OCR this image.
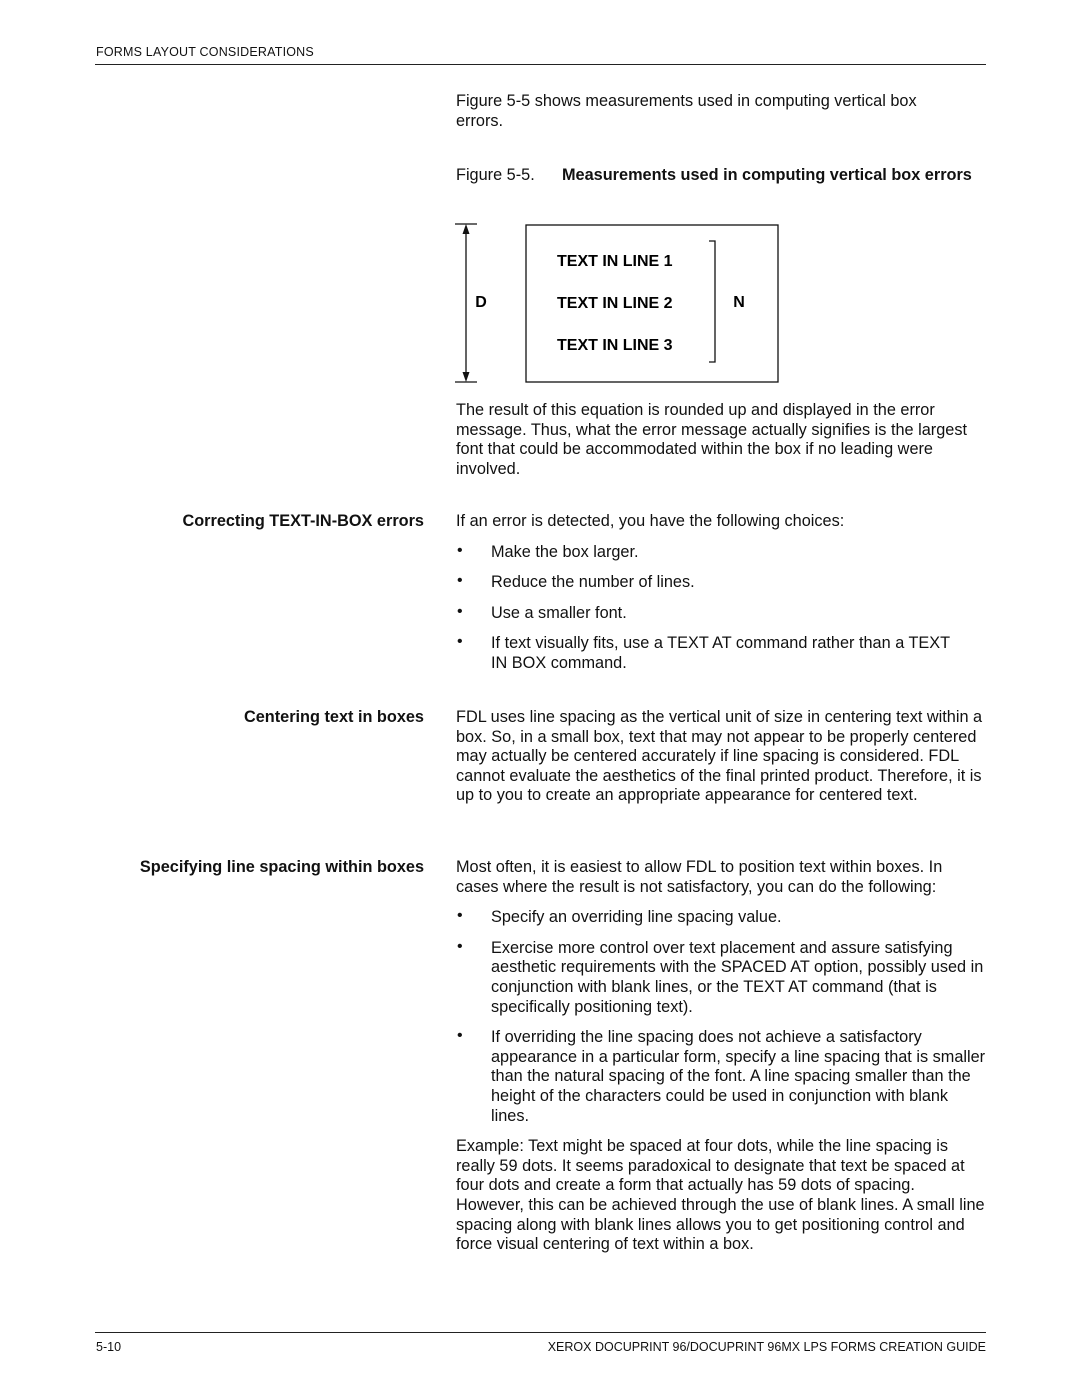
FORMS LAYOUT CONSIDERATIONS

Figure 5-5 shows measurements used in computing vertical box errors.

Figure 5-5. Measurements used in computing vertical box errors
D	N
TEXT IN LINE 1
TEXT IN LINE 2
TEXT IN LINE 3

The result of this equation is rounded up and displayed in the error message. Thus, what the error message actually signifies is the largest font that could be accommodated within the box if no leading were involved.

Correcting TEXT-IN-BOX errors If an error is detected, you have the following choices:

• Make the box larger.
• Reduce the number of lines.
• Use a smaller font.
• If text visually fits, use a TEXT AT command rather than a TEXT IN BOX command.
Centering text in boxes FDL uses line spacing as the vertical unit of size in centering text within a box. So, in a small box, text that may not appear to be properly centered may actually be centered accurately if line spacing is considered. FDL cannot evaluate the aesthetics of the final printed product. Therefore, it is up to you to create an appropriate appearance for centered text.

Specifying line spacing within boxes Most often, it is easiest to allow FDL to position text within boxes. In cases where the result is not satisfactory, you can do the following:

• Specify an overriding line spacing value.
• Exercise more control over text placement and assure satisfying aesthetic requirements with the SPACED AT option, possibly used in conjunction with blank lines, or the TEXT AT command (that is specifically positioning text).
• If overriding the line spacing does not achieve a satisfactory appearance in a particular form, specify a line spacing that is smaller than the natural spacing of the font. A line spacing smaller than the height of the characters could be used in conjunction with blank lines.

Example: Text might be spaced at four dots, while the line spacing is really 59 dots. It seems paradoxical to designate that text be spaced at four dots and create a form that actually has 59 dots of spacing. However, this can be achieved through the use of blank lines. A small line spacing along with blank lines allows you to get positioning control and force visual centering of text within a box.

5-10	XEROX DOCUPRINT 96/DOCUPRINT 96MX LPS FORMS CREATION GUIDE
